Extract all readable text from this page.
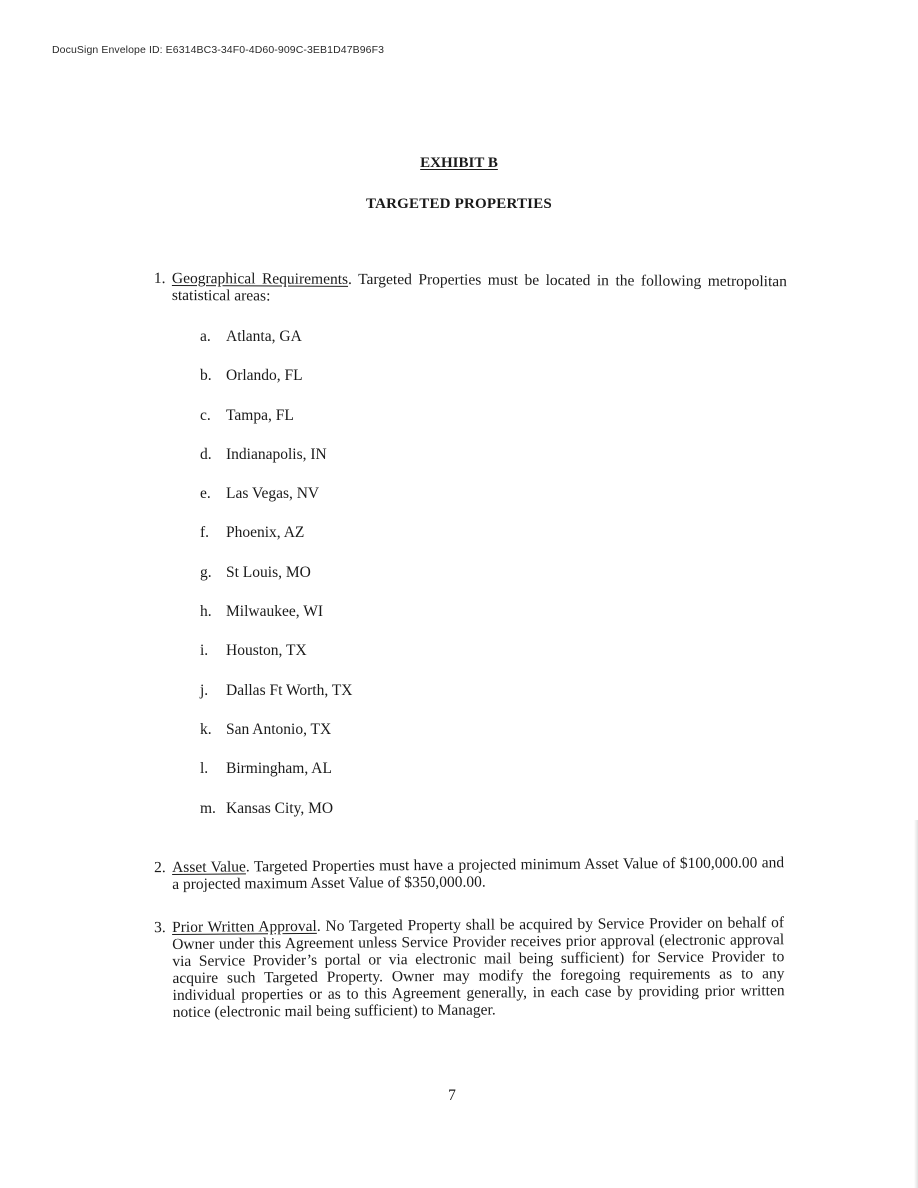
DocuSign Envelope ID: E6314BC3-34F0-4D60-909C-3EB1D47B96F3
EXHIBIT B
TARGETED PROPERTIES
1. Geographical Requirements. Targeted Properties must be located in the following metropolitan statistical areas:
a. Atlanta, GA
b. Orlando, FL
c. Tampa, FL
d. Indianapolis, IN
e. Las Vegas, NV
f. Phoenix, AZ
g. St Louis, MO
h. Milwaukee, WI
i. Houston, TX
j. Dallas Ft Worth, TX
k. San Antonio, TX
l. Birmingham, AL
m. Kansas City, MO
2. Asset Value. Targeted Properties must have a projected minimum Asset Value of $100,000.00 and a projected maximum Asset Value of $350,000.00.
3. Prior Written Approval. No Targeted Property shall be acquired by Service Provider on behalf of Owner under this Agreement unless Service Provider receives prior approval (electronic approval via Service Provider’s portal or via electronic mail being sufficient) for Service Provider to acquire such Targeted Property. Owner may modify the foregoing requirements as to any individual properties or as to this Agreement generally, in each case by providing prior written notice (electronic mail being sufficient) to Manager.
7
